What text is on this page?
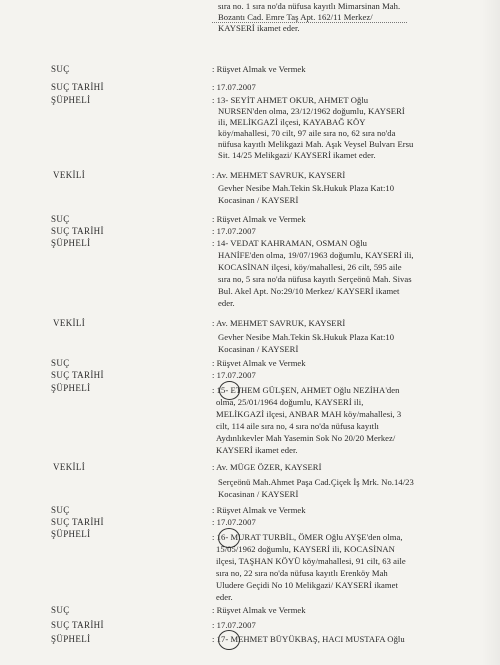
sıra no. 1 sıra no'da nüfusa kayıtlı Mimarsinan Mah.
Bozantı Cad. Emre Taş Apt. 162/11 Merkez/
KAYSERİ ikamet eder.
SUÇ	: Rüşvet Almak ve Vermek
SUÇ TARİHİ	: 17.07.2007
ŞÜPHELİ	: 13- SEYİT AHMET OKUR, AHMET Oğlu
NURSEN'den olma, 23/12/1962 doğumlu, KAYSERİ
ili, MELİKGAZİ ilçesi, KAYABAĞ KÖY
köy/mahallesi, 70 cilt, 97 aile sıra no, 62 sıra no'da
nüfusa kayıtlı Melikgazi Mah. Aşık Veysel Bulvarı Ersu
Sit. 14/25 Melikgazi/ KAYSERİ ikamet eder.
VEKİLİ	: Av. MEHMET SAVRUK, KAYSERİ
Gevher Nesibe Mah.Tekin Sk.Hukuk Plaza Kat:10
Kocasinan / KAYSERİ
SUÇ	: Rüşvet Almak ve Vermek
SUÇ TARİHİ	: 17.07.2007
ŞÜPHELİ	: 14- VEDAT KAHRAMAN, OSMAN Oğlu
HANİFE'den olma, 19/07/1963 doğumlu, KAYSERİ ili,
KOCASİNAN ilçesi, köy/mahallesi, 26 cilt, 595 aile
sıra no, 5 sıra no'da nüfusa kayıtlı Serçeönü Mah. Sivas
Bul. Akel Apt. No:29/10 Merkez/ KAYSERİ ikamet
eder.
VEKİLİ	: Av. MEHMET SAVRUK, KAYSERİ
Gevher Nesibe Mah.Tekin Sk.Hukuk Plaza Kat:10
Kocasinan / KAYSERİ
SUÇ	: Rüşvet Almak ve Vermek
SUÇ TARİHİ	: 17.07.2007
ŞÜPHELİ	: 15- ETHEM GÜLŞEN, AHMET Oğlu NEZİHA'den
olma, 25/01/1964 doğumlu, KAYSERİ ili,
MELİKGAZİ ilçesi, ANBAR MAH köy/mahallesi, 3
cilt, 114 aile sıra no, 4 sıra no'da nüfusa kayıtlı
Aydınlıkevler Mah Yasemin Sok No 20/20 Merkez/
KAYSERİ ikamet eder.
VEKİLİ	: Av. MÜGE ÖZER, KAYSERİ
Serçeönü Mah.Ahmet Paşa Cad.Çiçek İş Mrk. No.14/23
Kocasinan / KAYSERİ
SUÇ	: Rüşvet Almak ve Vermek
SUÇ TARİHİ	: 17.07.2007
ŞÜPHELİ	: 16- MURAT TURBİL, ÖMER Oğlu AYŞE'den olma,
15/05/1962 doğumlu, KAYSERİ ili, KOCASİNAN
ilçesi, TAŞHAN KÖYÜ köy/mahallesi, 91 cilt, 63 aile
sıra no, 22 sıra no'da nüfusa kayıtlı Erenköy Mah
Uludere Geçidi No 10 Melikgazi/ KAYSERİ ikamet
eder.
SUÇ	: Rüşvet Almak ve Vermek
SUÇ TARİHİ	: 17.07.2007
ŞÜPHELİ	: 17- MEHMET BÜYÜKBAŞ, HACI MUSTAFA Oğlu
